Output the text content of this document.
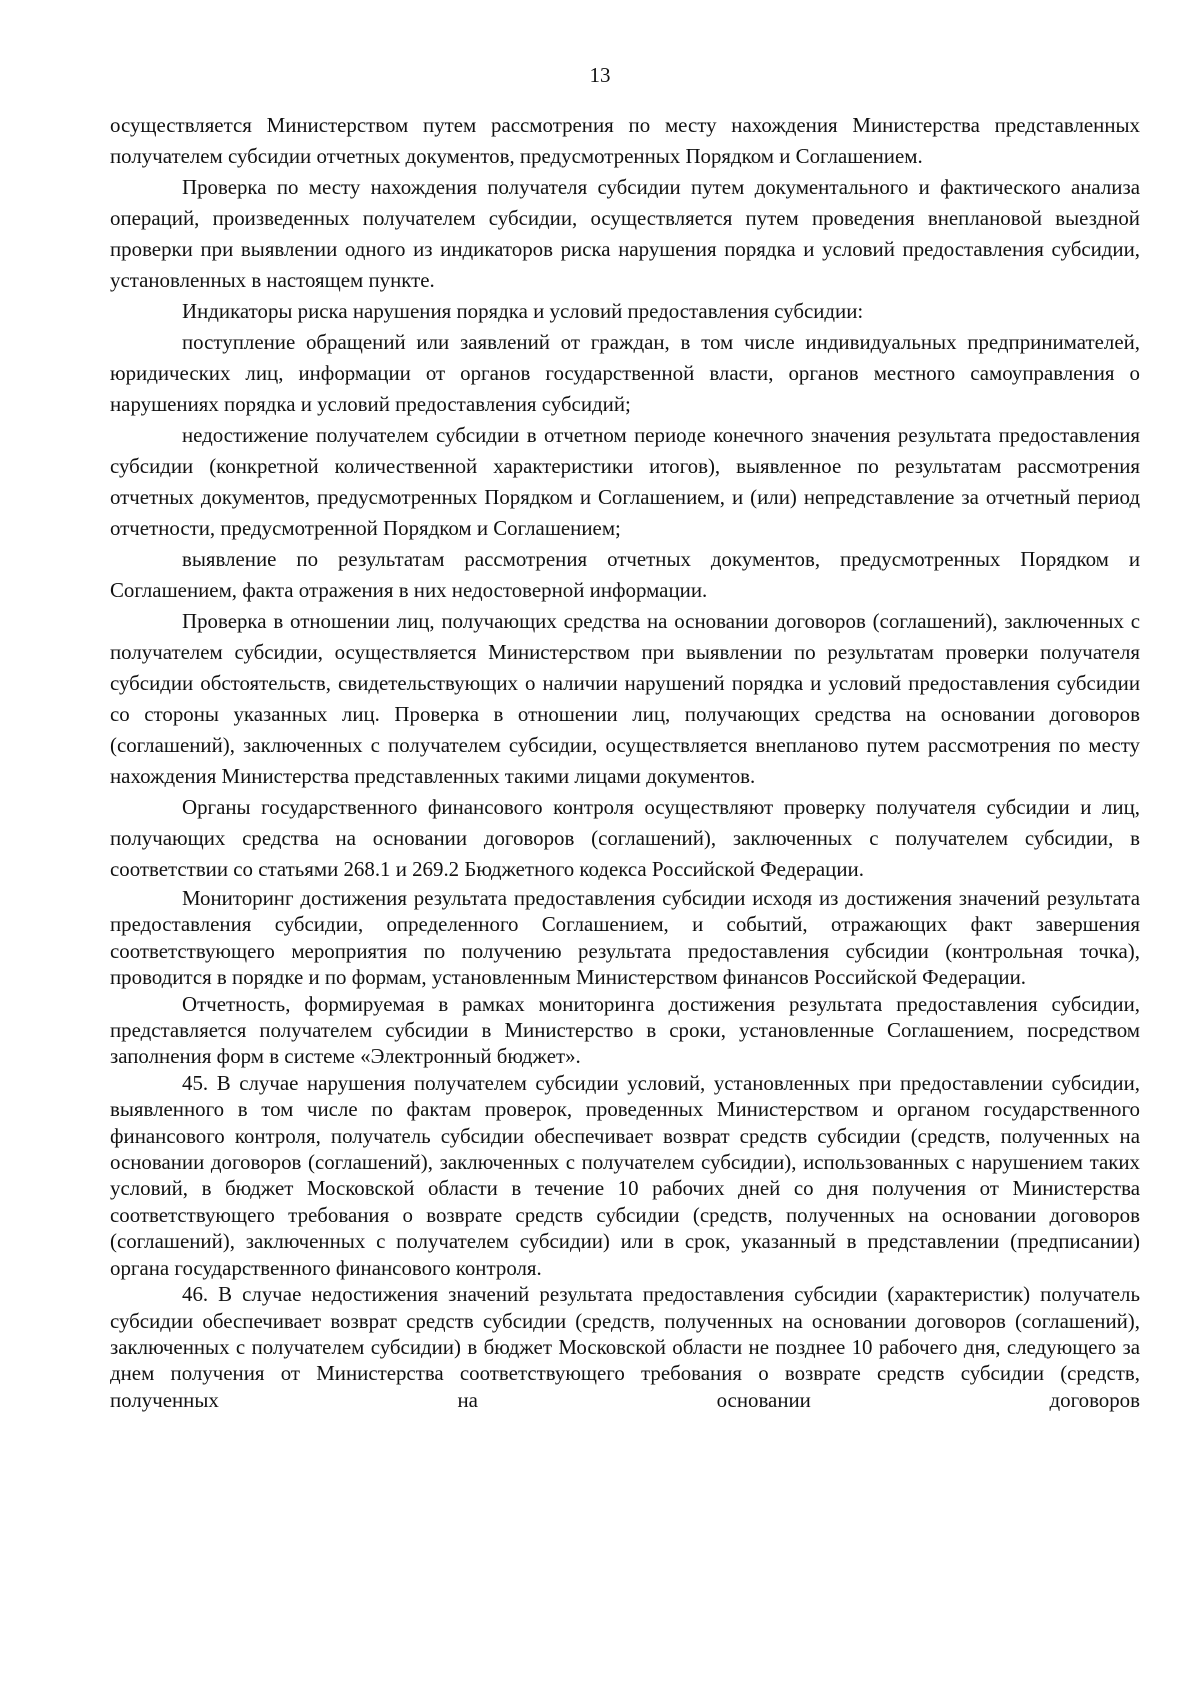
13

осуществляется Министерством путем рассмотрения по месту нахождения Министерства представленных получателем субсидии отчетных документов, предусмотренных Порядком и Соглашением.

Проверка по месту нахождения получателя субсидии путем документального и фактического анализа операций, произведенных получателем субсидии, осуществляется путем проведения внеплановой выездной проверки при выявлении одного из индикаторов риска нарушения порядка и условий предоставления субсидии, установленных в настоящем пункте.

Индикаторы риска нарушения порядка и условий предоставления субсидии:

поступление обращений или заявлений от граждан, в том числе индивидуальных предпринимателей, юридических лиц, информации от органов государственной власти, органов местного самоуправления о нарушениях порядка и условий предоставления субсидий;

недостижение получателем субсидии в отчетном периоде конечного значения результата предоставления субсидии (конкретной количественной характеристики итогов), выявленное по результатам рассмотрения отчетных документов, предусмотренных Порядком и Соглашением, и (или) непредставление за отчетный период отчетности, предусмотренной Порядком и Соглашением;

выявление по результатам рассмотрения отчетных документов, предусмотренных Порядком и Соглашением, факта отражения в них недостоверной информации.

Проверка в отношении лиц, получающих средства на основании договоров (соглашений), заключенных с получателем субсидии, осуществляется Министерством при выявлении по результатам проверки получателя субсидии обстоятельств, свидетельствующих о наличии нарушений порядка и условий предоставления субсидии со стороны указанных лиц. Проверка в отношении лиц, получающих средства на основании договоров (соглашений), заключенных с получателем субсидии, осуществляется внепланово путем рассмотрения по месту нахождения Министерства представленных такими лицами документов.

Органы государственного финансового контроля осуществляют проверку получателя субсидии и лиц, получающих средства на основании договоров (соглашений), заключенных с получателем субсидии, в соответствии со статьями 268.1 и 269.2 Бюджетного кодекса Российской Федерации.

Мониторинг достижения результата предоставления субсидии исходя из достижения значений результата предоставления субсидии, определенного Соглашением, и событий, отражающих факт завершения соответствующего мероприятия по получению результата предоставления субсидии (контрольная точка), проводится в порядке и по формам, установленным Министерством финансов Российской Федерации.

Отчетность, формируемая в рамках мониторинга достижения результата предоставления субсидии, представляется получателем субсидии в Министерство в сроки, установленные Соглашением, посредством заполнения форм в системе «Электронный бюджет».

45. В случае нарушения получателем субсидии условий, установленных при предоставлении субсидии, выявленного в том числе по фактам проверок, проведенных Министерством и органом государственного финансового контроля, получатель субсидии обеспечивает возврат средств субсидии (средств, полученных на основании договоров (соглашений), заключенных с получателем субсидии), использованных с нарушением таких условий, в бюджет Московской области в течение 10 рабочих дней со дня получения от Министерства соответствующего требования о возврате средств субсидии (средств, полученных на основании договоров (соглашений), заключенных с получателем субсидии) или в срок, указанный в представлении (предписании) органа государственного финансового контроля.

46. В случае недостижения значений результата предоставления субсидии (характеристик) получатель субсидии обеспечивает возврат средств субсидии (средств, полученных на основании договоров (соглашений), заключенных с получателем субсидии) в бюджет Московской области не позднее 10 рабочего дня, следующего за днем получения от Министерства соответствующего требования о возврате средств субсидии (средств, полученных на основании договоров
